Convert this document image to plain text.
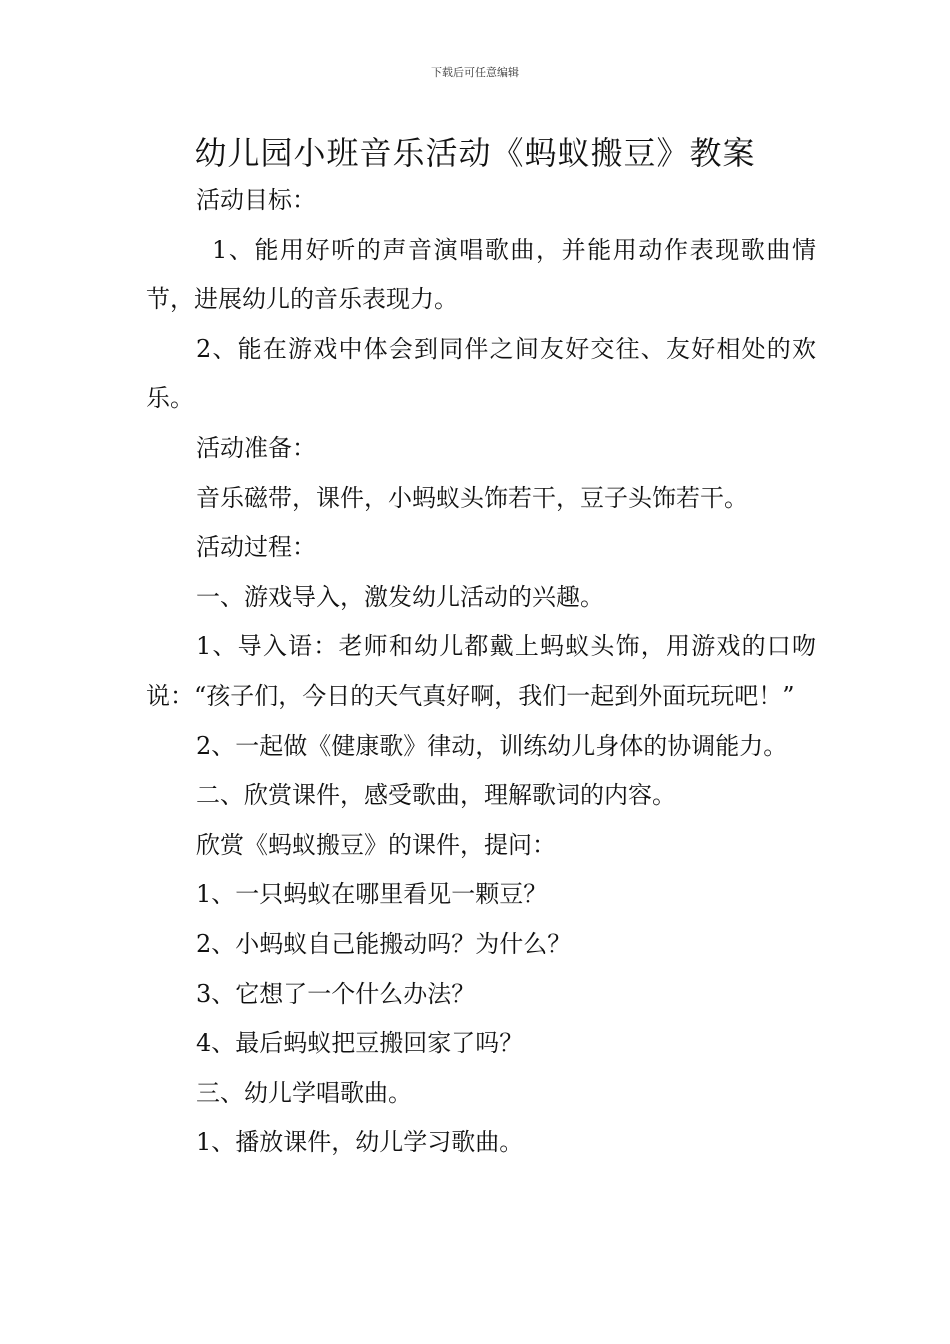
下载后可任意编辑
幼儿园小班音乐活动《蚂蚁搬豆》教案

活动目标：

1、能用好听的声音演唱歌曲，并能用动作表现歌曲情节，进展幼儿的音乐表现力。

2、能在游戏中体会到同伴之间友好交往、友好相处的欢乐。

活动准备：

音乐磁带，课件，小蚂蚁头饰若干，豆子头饰若干。

活动过程：

一、游戏导入，激发幼儿活动的兴趣。

1、导入语：老师和幼儿都戴上蚂蚁头饰，用游戏的口吻说：“孩子们，今日的天气真好啊，我们一起到外面玩玩吧！”

2、一起做《健康歌》律动，训练幼儿身体的协调能力。

二、欣赏课件，感受歌曲，理解歌词的内容。

欣赏《蚂蚁搬豆》的课件，提问：

1、一只蚂蚁在哪里看见一颗豆？

2、小蚂蚁自己能搬动吗？为什么？

3、它想了一个什么办法？

4、最后蚂蚁把豆搬回家了吗？

三、幼儿学唱歌曲。

1、播放课件，幼儿学习歌曲。
